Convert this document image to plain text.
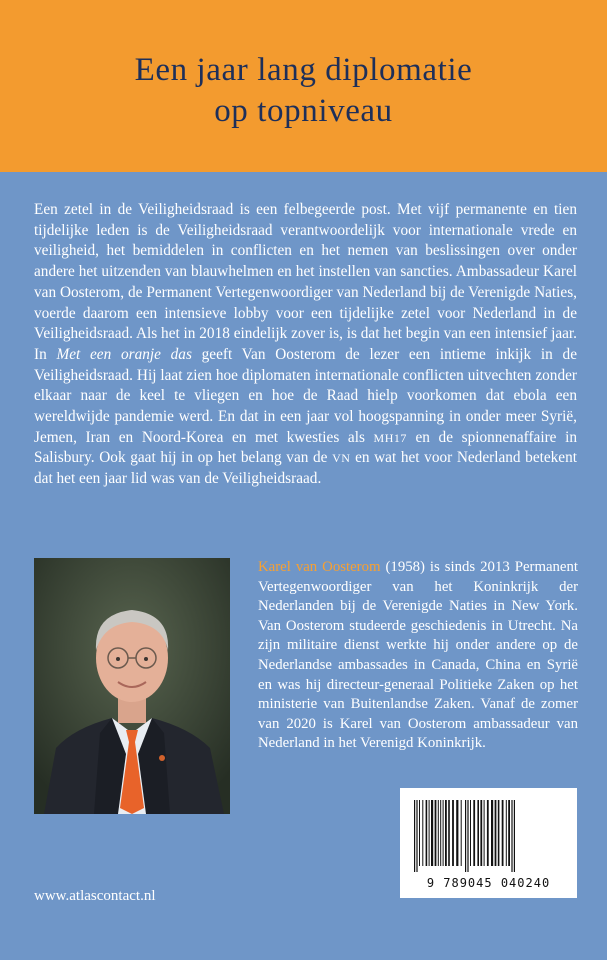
Een jaar lang diplomatie
op topniveau
Een zetel in de Veiligheidsraad is een felbegeerde post. Met vijf permanente en tien tijdelijke leden is de Veiligheidsraad verantwoordelijk voor internationale vrede en veiligheid, het bemiddelen in conflicten en het nemen van beslissingen over onder andere het uitzenden van blauwhelmen en het instellen van sancties. Ambassadeur Karel van Oosterom, de Permanent Vertegenwoordiger van Nederland bij de Verenigde Naties, voerde daarom een intensieve lobby voor een tijdelijke zetel voor Nederland in de Veiligheidsraad. Als het in 2018 eindelijk zover is, is dat het begin van een intensief jaar. In Met een oranje das geeft Van Oosterom de lezer een intieme inkijk in de Veiligheidsraad. Hij laat zien hoe diplomaten internationale conflicten uitvechten zonder elkaar naar de keel te vliegen en hoe de Raad hielp voorkomen dat ebola een wereldwijde pandemie werd. En dat in een jaar vol hoogspanning in onder meer Syrië, Jemen, Iran en Noord-Korea en met kwesties als MH17 en de spionnenaffaire in Salisbury. Ook gaat hij in op het belang van de VN en wat het voor Nederland betekent dat het een jaar lid was van de Veiligheidsraad.
Karel van Oosterom (1958) is sinds 2013 Permanent Vertegenwoordiger van het Koninkrijk der Nederlanden bij de Verenigde Naties in New York. Van Oosterom studeerde geschiedenis in Utrecht. Na zijn militaire dienst werkte hij onder andere op de Nederlandse ambassades in Canada, China en Syrië en was hij directeur-generaal Politieke Zaken op het ministerie van Buitenlandse Zaken. Vanaf de zomer van 2020 is Karel van Oosterom ambassadeur van Nederland in het Verenigd Koninkrijk.
9 789045 040240
www.atlascontact.nl
